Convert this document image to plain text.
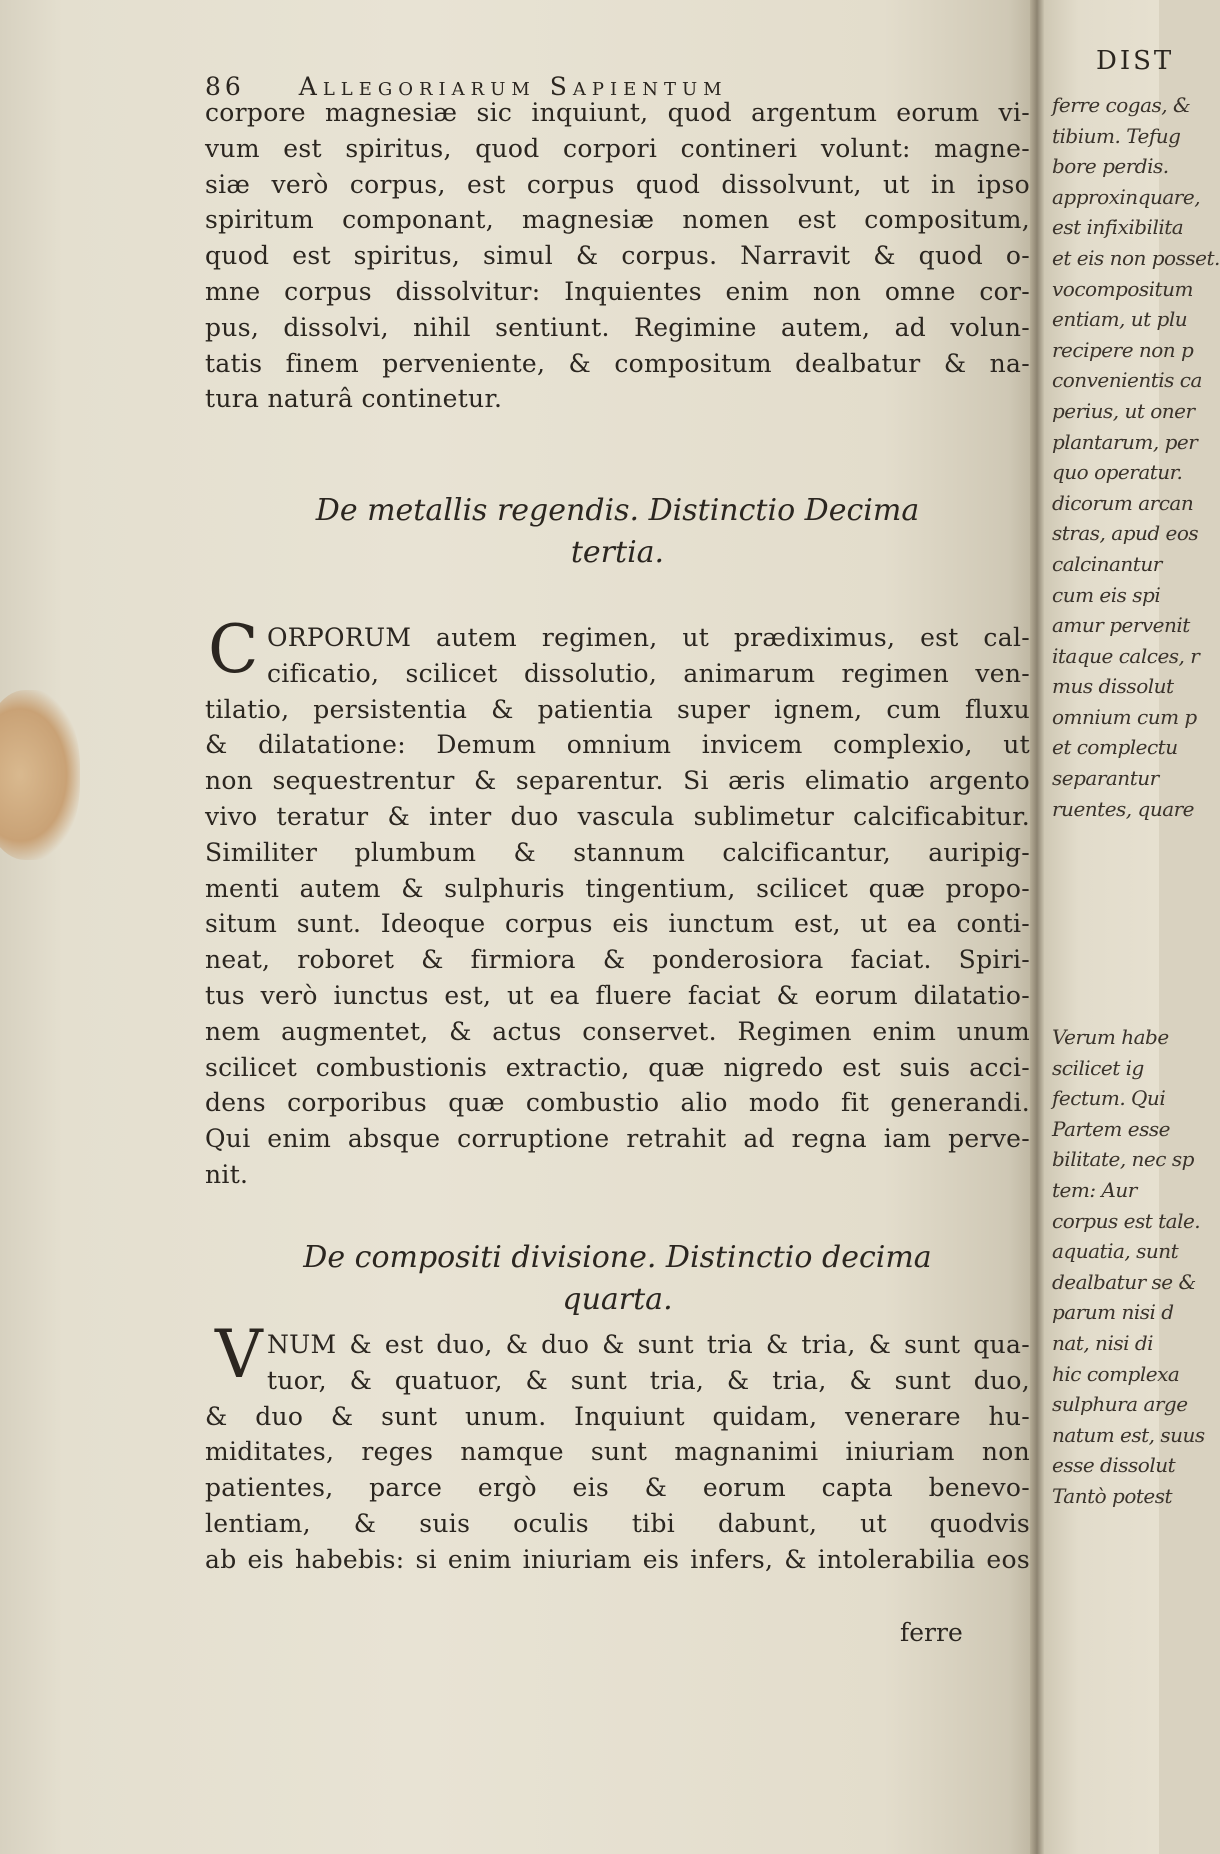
86 Allegoriarum Sapientum
corpore magnesiæ sic inquiunt, quod argentum eorum vi-
vum est spiritus, quod corpori contineri volunt: magne-
siæ verò corpus, est corpus quod dissolvunt, ut in ipso
spiritum componant, magnesiæ nomen est compositum,
quod est spiritus, simul & corpus. Narravit & quod o-
mne corpus dissolvitur: Inquientes enim non omne cor-
pus, dissolvi, nihil sentiunt. Regimine autem, ad volun-
tatis finem perveniente, & compositum dealbatur & na-
tura naturâ continetur.
De metallis regendis. Distinctio Decima
tertia.
C ORPORUM autem regimen, ut prædiximus, est cal-
cificatio, scilicet dissolutio, animarum regimen ven-
tilatio, persistentia & patientia super ignem, cum fluxu
& dilatatione: Demum omnium invicem complexio, ut
non sequestrentur & separentur. Si æris elimatio argento
vivo teratur & inter duo vascula sublimetur calcificabitur.
Similiter plumbum & stannum calcificantur, auripig-
menti autem & sulphuris tingentium, scilicet quæ propo-
situm sunt. Ideoque corpus eis iunctum est, ut ea conti-
neat, roboret & firmiora & ponderosiora faciat. Spiri-
tus verò iunctus est, ut ea fluere faciat & eorum dilatatio-
nem augmentet, & actus conservet. Regimen enim unum
scilicet combustionis extractio, quæ nigredo est suis acci-
dens corporibus quæ combustio alio modo fit generandi.
Qui enim absque corruptione retrahit ad regna iam perve-
nit.
De compositi divisione. Distinctio decima
quarta.
V NUM & est duo, & duo & sunt tria & tria, & sunt qua-
tuor, & quatuor, & sunt tria, & tria, & sunt duo,
& duo & sunt unum. Inquiunt quidam, venerare hu-
miditates, reges namque sunt magnanimi iniuriam non
patientes, parce ergò eis & eorum capta benevo-
lentiam, & suis oculis tibi dabunt, ut quodvis
ab eis habebis: si enim iniuriam eis infers, & intolerabilia eos
ferre
DIST
ferre cogas, &
tibium. Tefug
bore perdis.
approxinquare,
est infixibilita
et eis non posset.
vocompositum
entiam, ut plu
recipere non p
convenientis ca
perius, ut oner
plantarum, per
quo operatur.
dicorum arcan
stras, apud eos
calcinantur
cum eis spi
amur pervenit
itaque calces, r
mus dissolut
omnium cum p
et complectu
separantur
ruentes, quare
Verum habe
scilicet ig
fectum. Qui
Partem esse
bilitate, nec sp
tem: Aur
corpus est tale.
aquatia, sunt
dealbatur se &
parum nisi d
nat, nisi di
hic complexa
sulphura arge
natum est, suus
esse dissolut
Tantò potest
